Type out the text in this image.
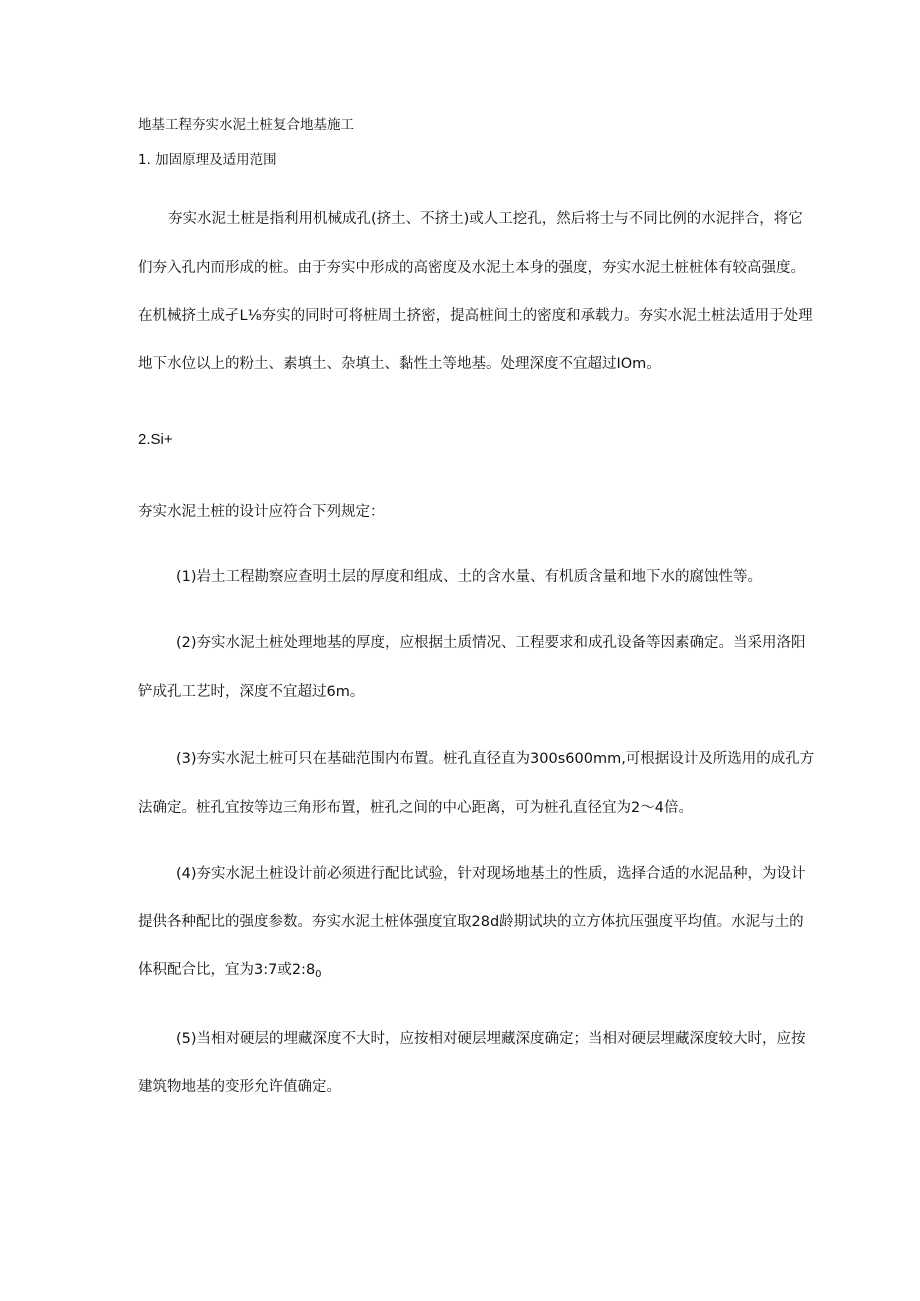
地基工程夯实水泥土桩复合地基施工
1. 加固原理及适用范围
夯实水泥土桩是指利用机械成孔(挤土、不挤土)或人工挖孔，然后将士与不同比例的水泥拌合，将它
们夯入孔内而形成的桩。由于夯实中形成的高密度及水泥土本身的强度，夯实水泥土桩桩体有较高强度。
在机械挤土成孑L⅛夯实的同时可将桩周土挤密，提高桩间土的密度和承载力。夯实水泥土桩法适用于处理
地下水位以上的粉土、素填土、杂填土、黏性土等地基。处理深度不宜超过IOm。
2.Si+
夯实水泥土桩的设计应符合下列规定：
(1)岩土工程勘察应查明土层的厚度和组成、土的含水量、有机质含量和地下水的腐蚀性等。
(2)夯实水泥土桩处理地基的厚度，应根据土质情况、工程要求和成孔设备等因素确定。当采用洛阳
铲成孔工艺时，深度不宜超过6m。
(3)夯实水泥土桩可只在基础范围内布置。桩孔直径直为300s600mm,可根据设计及所选用的成孔方
法确定。桩孔宜按等边三角形布置，桩孔之间的中心距离，可为桩孔直径宜为2～4倍。
(4)夯实水泥土桩设计前必须进行配比试验，针对现场地基土的性质，选择合适的水泥品种，为设计
提供各种配比的强度参数。夯实水泥土桩体强度宜取28d龄期试块的立方体抗压强度平均值。水泥与土的
体积配合比，宜为3:7或$2:8_0$
(5)当相对硬层的埋藏深度不大时，应按相对硬层埋藏深度确定；当相对硬层埋藏深度较大时，应按
建筑物地基的变形允许值确定。
